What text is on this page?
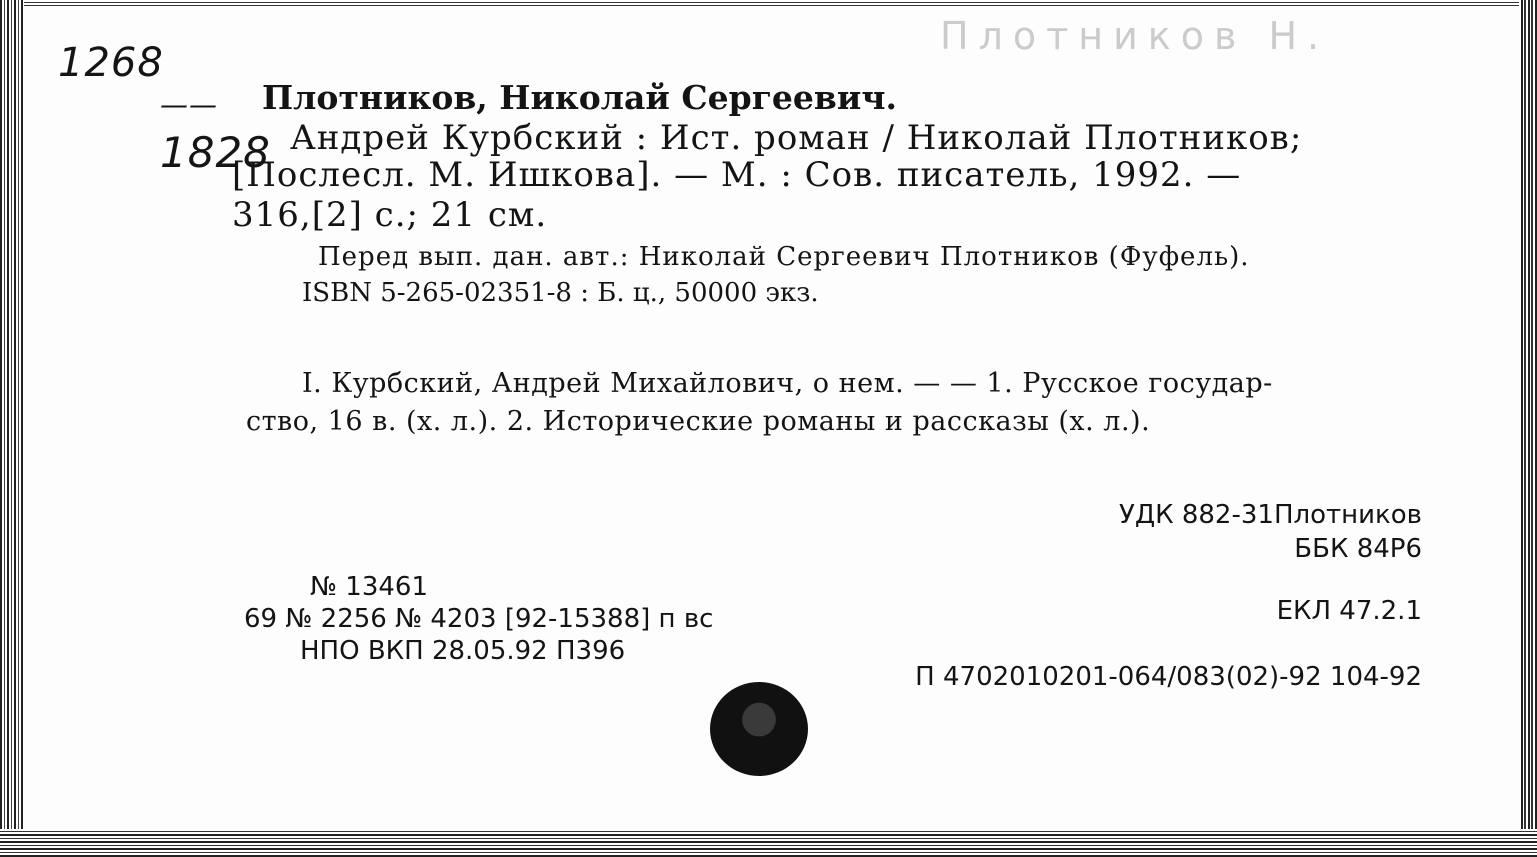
Плотников Н.
1268
——
1828
Плотников, Николай Сергеевич.
Андрей Курбский : Ист. роман / Николай Плотников;
[Послесл. М. Ишкова]. — М. : Сов. писатель, 1992. —
316,[2] с.; 21 см.
Перед вып. дан. авт.: Николай Сергеевич Плотников (Фуфель).
ISBN 5-265-02351-8 : Б. ц., 50000 экз.
I. Курбский, Андрей Михайлович, о нем. — — 1. Русское государ-
ство, 16 в. (х. л.). 2. Исторические романы и рассказы (х. л.).
УДК 882-31Плотников
ББК 84Р6
ЕКЛ 47.2.1
П 4702010201-064/083(02)-92 104-92
№ 13461
69 № 2256 № 4203 [92-15388] п вс
НПО ВКП 28.05.92 П396
